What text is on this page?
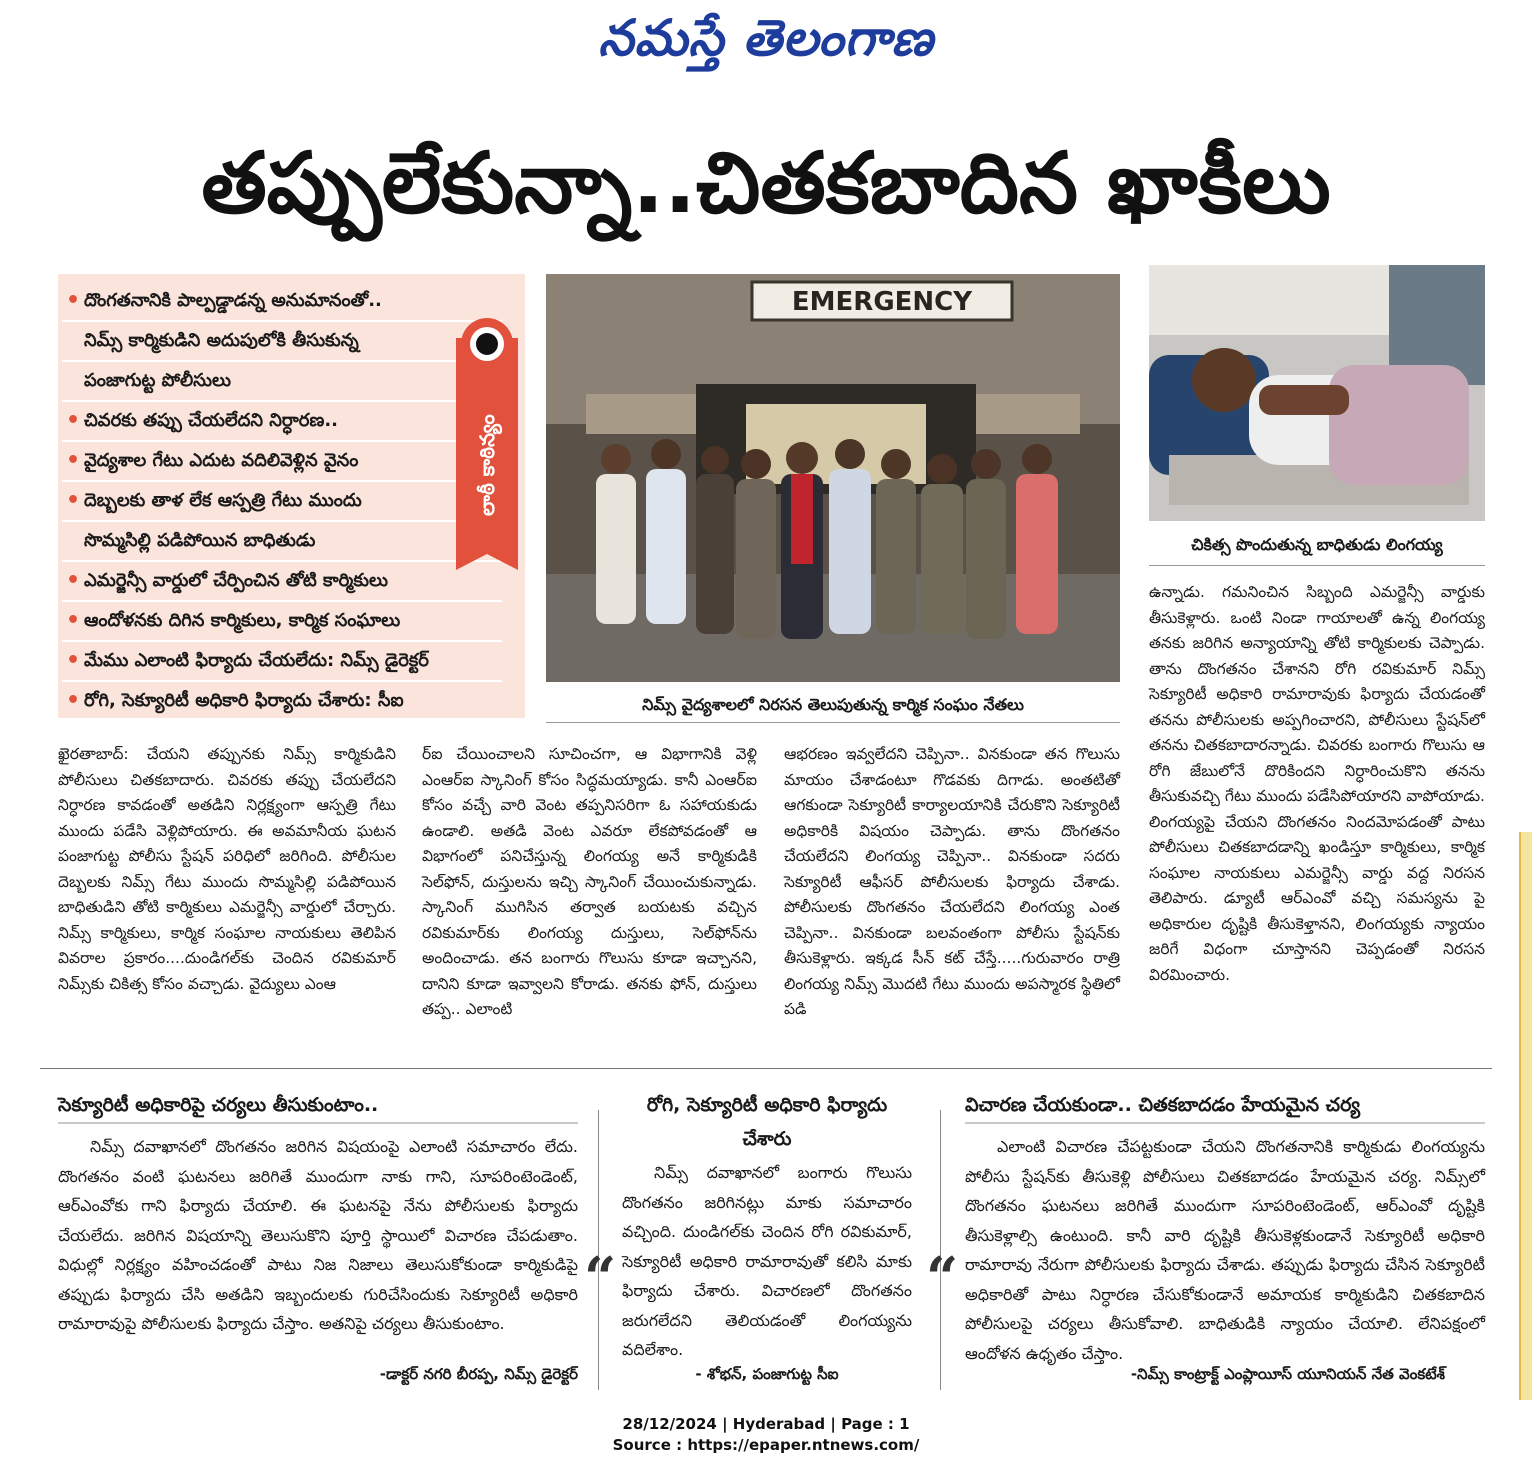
నమస్తే తెలంగాణ
తప్పులేకున్నా..చితకబాదిన ఖాకీలు
• దొంగతనానికి పాల్పడ్డాడన్న అనుమానంతో..
నిమ్స్ కార్మికుడిని అదుపులోకి తీసుకున్న
పంజాగుట్ట పోలీసులు
• చివరకు తప్పు చేయలేదని నిర్ధారణ..
• వైద్యశాల గేటు ఎదుట వదిలివెళ్లిన వైనం
• దెబ్బలకు తాళ లేక ఆస్పత్రి గేటు ముందు
సొమ్మసిల్లి పడిపోయిన బాధితుడు
• ఎమర్జెన్సీ వార్డులో చేర్పించిన తోటి కార్మికులు
• ఆందోళనకు దిగిన కార్మికులు, కార్మిక సంఘాలు
• మేము ఎలాంటి ఫిర్యాదు చేయలేదు: నిమ్స్ డైరెక్టర్
• రోగి, సెక్యూరిటీ అధికారి ఫిర్యాదు చేశారు: సీఐ
లాఠీ కాఠిన్యం
EMERGENCY
నిమ్స్ వైద్యశాలలో నిరసన తెలుపుతున్న కార్మిక సంఘం నేతలు
చికిత్స పొందుతున్న బాధితుడు లింగయ్య

ఖైరతాబాద్: చేయని తప్పునకు నిమ్స్ కార్మికుడిని పోలీసులు చితకబాదారు. చివరకు తప్పు చేయలేదని నిర్ధారణ కావడంతో అతడిని నిర్లక్ష్యంగా ఆస్పత్రి గేటు ముందు పడేసి వెళ్లిపోయారు. ఈ అవమానీయ ఘటన పంజాగుట్ట పోలీసు స్టేషన్ పరిధిలో జరిగింది. పోలీసుల దెబ్బలకు నిమ్స్ గేటు ముందు సొమ్మసిల్లి పడిపోయిన బాధితుడిని తోటి కార్మికులు ఎమర్జెన్సీ వార్డులో చేర్చారు. నిమ్స్ కార్మికులు, కార్మిక సంఘాల నాయకులు తెలిపిన వివరాల ప్రకారం....దుండిగల్‌కు చెందిన రవికుమార్ నిమ్స్‌కు చికిత్స కోసం వచ్చాడు. వైద్యులు ఎంఆ

ర్‌ఐ చేయించాలని సూచించగా, ఆ విభాగానికి వెళ్లి ఎంఆర్‌ఐ స్కానింగ్ కోసం సిద్ధమయ్యాడు. కానీ ఎంఆర్‌ఐ కోసం వచ్చే వారి వెంట తప్పనిసరిగా ఓ సహాయకుడు ఉండాలి. అతడి వెంట ఎవరూ లేకపోవడంతో ఆ విభాగంలో పనిచేస్తున్న లింగయ్య అనే కార్మికుడికి సెల్‌ఫోన్, దుస్తులను ఇచ్చి స్కానింగ్ చేయించుకున్నాడు. స్కానింగ్ ముగిసిన తర్వాత బయటకు వచ్చిన రవికుమార్‌కు లింగయ్య దుస్తులు, సెల్‌ఫోన్‌ను అందించాడు. తన బంగారు గొలుసు కూడా ఇచ్చానని, దానిని కూడా ఇవ్వాలని కోరాడు. తనకు ఫోన్, దుస్తులు తప్ప.. ఎలాంటి

ఆభరణం ఇవ్వలేదని చెప్పినా.. వినకుండా తన గొలుసు మాయం చేశాడంటూ గొడవకు దిగాడు. అంతటితో ఆగకుండా సెక్యూరిటీ కార్యాలయానికి చేరుకొని సెక్యూరిటీ అధికారికి విషయం చెప్పాడు. తాను దొంగతనం చేయలేదని లింగయ్య చెప్పినా.. వినకుండా సదరు సెక్యూరిటీ ఆఫీసర్ పోలీసులకు ఫిర్యాదు చేశాడు. పోలీసులకు దొంగతనం చేయలేదని లింగయ్య ఎంత చెప్పినా.. వినకుండా బలవంతంగా పోలీసు స్టేషన్‌కు తీసుకెళ్లారు. ఇక్కడ సీన్ కట్ చేస్తే.....గురువారం రాత్రి లింగయ్య నిమ్స్ మొదటి గేటు ముందు అపస్మారక స్థితిలో పడి

ఉన్నాడు. గమనించిన సిబ్బంది ఎమర్జెన్సీ వార్డుకు తీసుకెళ్లారు. ఒంటి నిండా గాయాలతో ఉన్న లింగయ్య తనకు జరిగిన అన్యాయాన్ని తోటి కార్మికులకు చెప్పాడు. తాను దొంగతనం చేశానని రోగి రవికుమార్ నిమ్స్ సెక్యూరిటీ అధికారి రామారావుకు ఫిర్యాదు చేయడంతో తనను పోలీసులకు అప్పగించారని, పోలీసులు స్టేషన్‌లో తనను చితకబాదారన్నాడు. చివరకు బంగారు గొలుసు ఆ రోగి జేబులోనే దొరికిందని నిర్ధారించుకొని తనను తీసుకువచ్చి గేటు ముందు పడేసిపోయారని వాపోయాడు. లింగయ్యపై చేయని దొంగతనం నిందమోపడంతో పాటు పోలీసులు చితకబాదడాన్ని ఖండిస్తూ కార్మికులు, కార్మిక సంఘాల నాయకులు ఎమర్జెన్సీ వార్డు వద్ద నిరసన తెలిపారు. డ్యూటీ ఆర్‌ఎంవో వచ్చి సమస్యను పై అధికారుల దృష్టికి తీసుకెళ్తానని, లింగయ్యకు న్యాయం జరిగే విధంగా చూస్తానని చెప్పడంతో నిరసన విరమించారు.

సెక్యూరిటీ అధికారిపై చర్యలు తీసుకుంటాం..

నిమ్స్ దవాఖానలో దొంగతనం జరిగిన విషయంపై ఎలాంటి సమాచారం లేదు. దొంగతనం వంటి ఘటనలు జరిగితే ముందుగా నాకు గాని, సూపరింటెండెంట్, ఆర్‌ఎంవోకు గాని ఫిర్యాదు చేయాలి. ఈ ఘటనపై నేను పోలీసులకు ఫిర్యాదు చేయలేదు. జరిగిన విషయాన్ని తెలుసుకొని పూర్తి స్థాయిలో విచారణ చేపడుతాం. విధుల్లో నిర్లక్ష్యం వహించడంతో పాటు నిజ నిజాలు తెలుసుకోకుండా కార్మికుడిపై తప్పుడు ఫిర్యాదు చేసి అతడిని ఇబ్బందులకు గురిచేసిందుకు సెక్యూరిటీ అధికారి రామారావుపై పోలీసులకు ఫిర్యాదు చేస్తాం. అతనిపై చర్యలు తీసుకుంటాం.

-డాక్టర్ నగరి బీరప్ప, నిమ్స్ డైరెక్టర్
“
రోగి, సెక్యూరిటీ అధికారి ఫిర్యాదు చేశారు

నిమ్స్ దవాఖానలో బంగారు గొలుసు దొంగతనం జరిగినట్లు మాకు సమాచారం వచ్చింది. దుండిగల్‌కు చెందిన రోగి రవికుమార్, సెక్యూరిటీ అధికారి రామారావుతో కలిసి మాకు ఫిర్యాదు చేశారు. విచారణలో దొంగతనం జరుగలేదని తెలియడంతో లింగయ్యను వదిలేశాం.

- శోభన్, పంజాగుట్ట సీఐ
“
విచారణ చేయకుండా.. చితకబాదడం హేయమైన చర్య

ఎలాంటి విచారణ చేపట్టకుండా చేయని దొంగతనానికి కార్మికుడు లింగయ్యను పోలీసు స్టేషన్‌కు తీసుకెళ్లి పోలీసులు చితకబాదడం హేయమైన చర్య. నిమ్స్‌లో దొంగతనం ఘటనలు జరిగితే ముందుగా సూపరింటెండెంట్, ఆర్‌ఎంవో దృష్టికి తీసుకెళ్లాల్సి ఉంటుంది. కానీ వారి దృష్టికి తీసుకెళ్లకుండానే సెక్యూరిటీ అధికారి రామారావు నేరుగా పోలీసులకు ఫిర్యాదు చేశాడు. తప్పుడు ఫిర్యాదు చేసిన సెక్యూరిటీ అధికారితో పాటు నిర్ధారణ చేసుకోకుండానే అమాయక కార్మికుడిని చితకబాదిన పోలీసులపై చర్యలు తీసుకోవాలి. బాధితుడికి న్యాయం చేయాలి. లేనిపక్షంలో ఆందోళన ఉధృతం చేస్తాం.

-నిమ్స్ కాంట్రాక్ట్ ఎంప్లాయీస్ యూనియన్ నేత వెంకటేశ్
28/12/2024 | Hyderabad | Page : 1
Source : https://epaper.ntnews.com/
